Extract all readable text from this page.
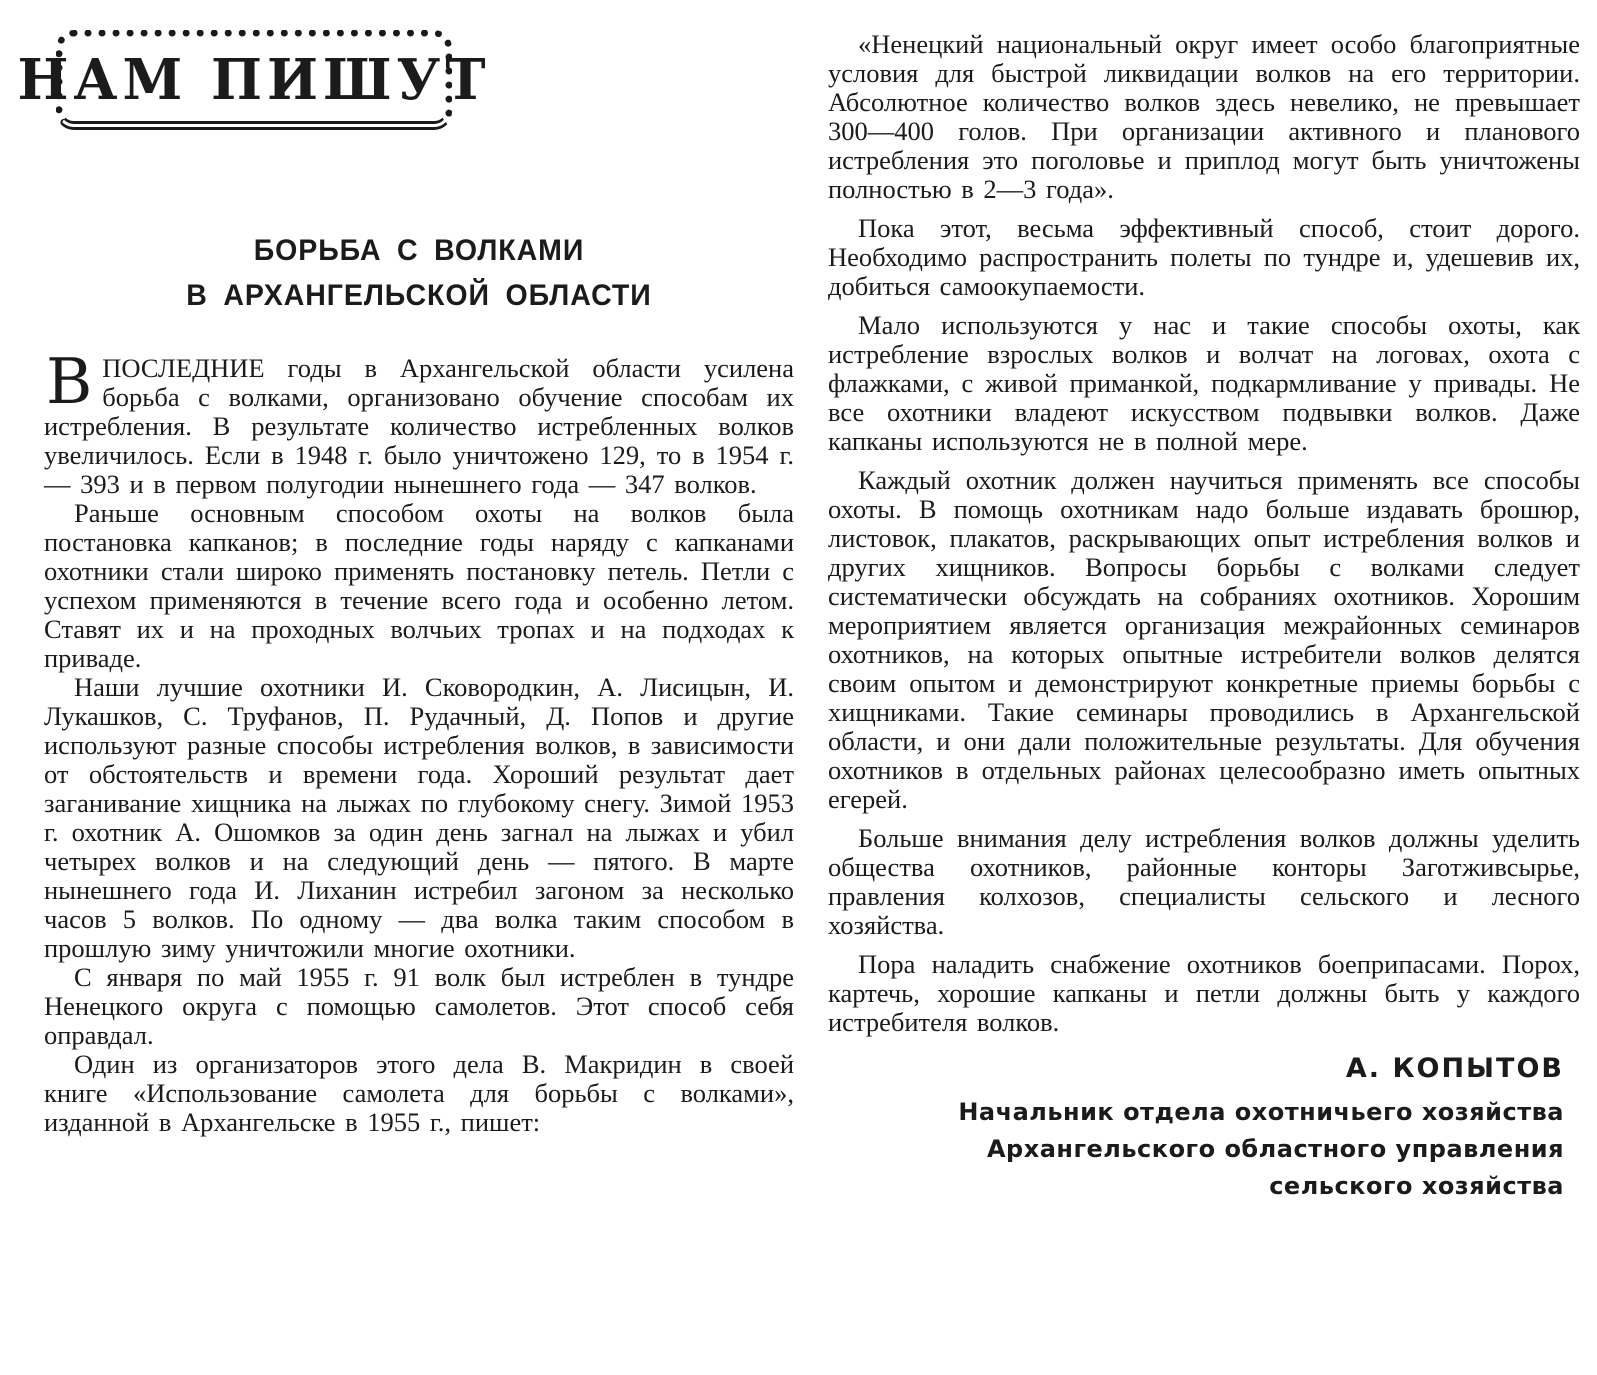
НАМ ПИШУТ
БОРЬБА С ВОЛКАМИ
В АРХАНГЕЛЬСКОЙ ОБЛАСТИ

ВПОСЛЕДНИЕ годы в Архангельской области усилена борьба с волками, организовано обучение способам их истребления. В результате количество истребленных волков увеличилось. Если в 1948 г. было уничтожено 129, то в 1954 г. — 393 и в первом полугодии нынешнего года — 347 волков.

Раньше основным способом охоты на волков была постановка капканов; в последние годы наряду с капканами охотники стали широко применять постановку петель. Петли с успехом применяются в течение всего года и особенно летом. Ставят их и на проходных волчьих тропах и на подходах к приваде.

Наши лучшие охотники И. Сковородкин, А. Лисицын, И. Лукашков, С. Труфанов, П. Рудачный, Д. Попов и другие используют разные способы истребления волков, в зависимости от обстоятельств и времени года. Хороший результат дает заганивание хищника на лыжах по глубокому снегу. Зимой 1953 г. охотник А. Ошомков за один день загнал на лыжах и убил четырех волков и на следующий день — пятого. В марте нынешнего года И. Лиханин истребил загоном за несколько часов 5 волков. По одному — два волка таким способом в прошлую зиму уничтожили многие охотники.

С января по май 1955 г. 91 волк был истреблен в тундре Ненецкого округа с помощью самолетов. Этот способ себя оправдал.

Один из организаторов этого дела В. Макридин в своей книге «Использование самолета для борьбы с волками», изданной в Архангельске в 1955 г., пишет:

«Ненецкий национальный округ имеет особо благоприятные условия для быстрой ликвидации волков на его территории. Абсолютное количество волков здесь невелико, не превышает 300—400 голов. При организации активного и планового истребления это поголовье и приплод могут быть уничтожены полностью в 2—3 года».

Пока этот, весьма эффективный способ, стоит дорого. Необходимо распространить полеты по тундре и, удешевив их, добиться самоокупаемости.

Мало используются у нас и такие способы охоты, как истребление взрослых волков и волчат на логовах, охота с флажками, с живой приманкой, подкармливание у привады. Не все охотники владеют искусством подвывки волков. Даже капканы используются не в полной мере.

Каждый охотник должен научиться применять все способы охоты. В помощь охотникам надо больше издавать брошюр, листовок, плакатов, раскрывающих опыт истребления волков и других хищников. Вопросы борьбы с волками следует систематически обсуждать на собраниях охотников. Хорошим мероприятием является организация межрайонных семинаров охотников, на которых опытные истребители волков делятся своим опытом и демонстрируют конкретные приемы борьбы с хищниками. Такие семинары проводились в Архангельской области, и они дали положительные результаты. Для обучения охотников в отдельных районах целесообразно иметь опытных егерей.

Больше внимания делу истребления волков должны уделить общества охотников, районные конторы Заготживсырье, правления колхозов, специалисты сельского и лесного хозяйства.

Пора наладить снабжение охотников боеприпасами. Порох, картечь, хорошие капканы и петли должны быть у каждого истребителя волков.

А. КОПЫТОВ
Начальник отдела охотничьего хозяйства
Архангельского областного управления
сельского хозяйства
